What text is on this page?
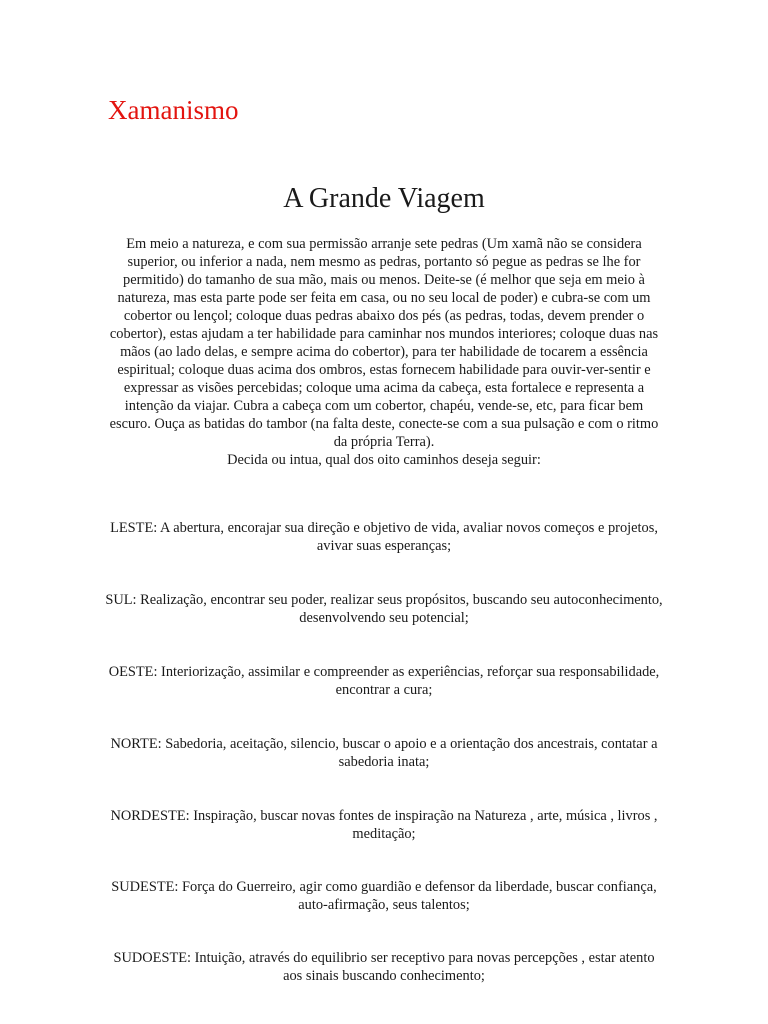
Xamanismo
A Grande Viagem

Em meio a natureza, e com sua permissão arranje sete pedras (Um xamã não se considera superior, ou inferior a nada, nem mesmo as pedras, portanto só pegue as pedras se lhe for permitido) do tamanho de sua mão, mais ou menos. Deite-se (é melhor que seja em meio à natureza, mas esta parte pode ser feita em casa, ou no seu local de poder) e cubra-se com um cobertor ou lençol; coloque duas pedras abaixo dos pés (as pedras, todas, devem prender o cobertor), estas ajudam a ter habilidade para caminhar nos mundos interiores; coloque duas nas mãos (ao lado delas, e sempre acima do cobertor), para ter habilidade de tocarem a essência espiritual; coloque duas acima dos ombros, estas fornecem habilidade para ouvir-ver-sentir e expressar as visões percebidas; coloque uma acima da cabeça, esta fortalece e representa a intenção da viajar. Cubra a cabeça com um cobertor, chapéu, vende-se, etc, para ficar bem escuro. Ouça as batidas do tambor (na falta deste, conecte-se com a sua pulsação e com o ritmo da própria Terra).
Decida ou intua, qual dos oito caminhos deseja seguir:

LESTE: A abertura, encorajar sua direção e objetivo de vida, avaliar novos começos e projetos, avivar suas esperanças;

SUL: Realização, encontrar seu poder, realizar seus propósitos, buscando seu autoconhecimento, desenvolvendo seu potencial;

OESTE: Interiorização, assimilar e compreender as experiências, reforçar sua responsabilidade, encontrar a cura;

NORTE: Sabedoria, aceitação, silencio, buscar o apoio e a orientação dos ancestrais, contatar a sabedoria inata;

NORDESTE: Inspiração, buscar novas fontes de inspiração na Natureza , arte, música , livros , meditação;

SUDESTE: Força do Guerreiro, agir como guardião e defensor da liberdade, buscar confiança, auto-afirmação, seus talentos;

SUDOESTE: Intuição, através do equilibrio ser receptivo para novas percepções , estar atento aos sinais buscando conhecimento;
